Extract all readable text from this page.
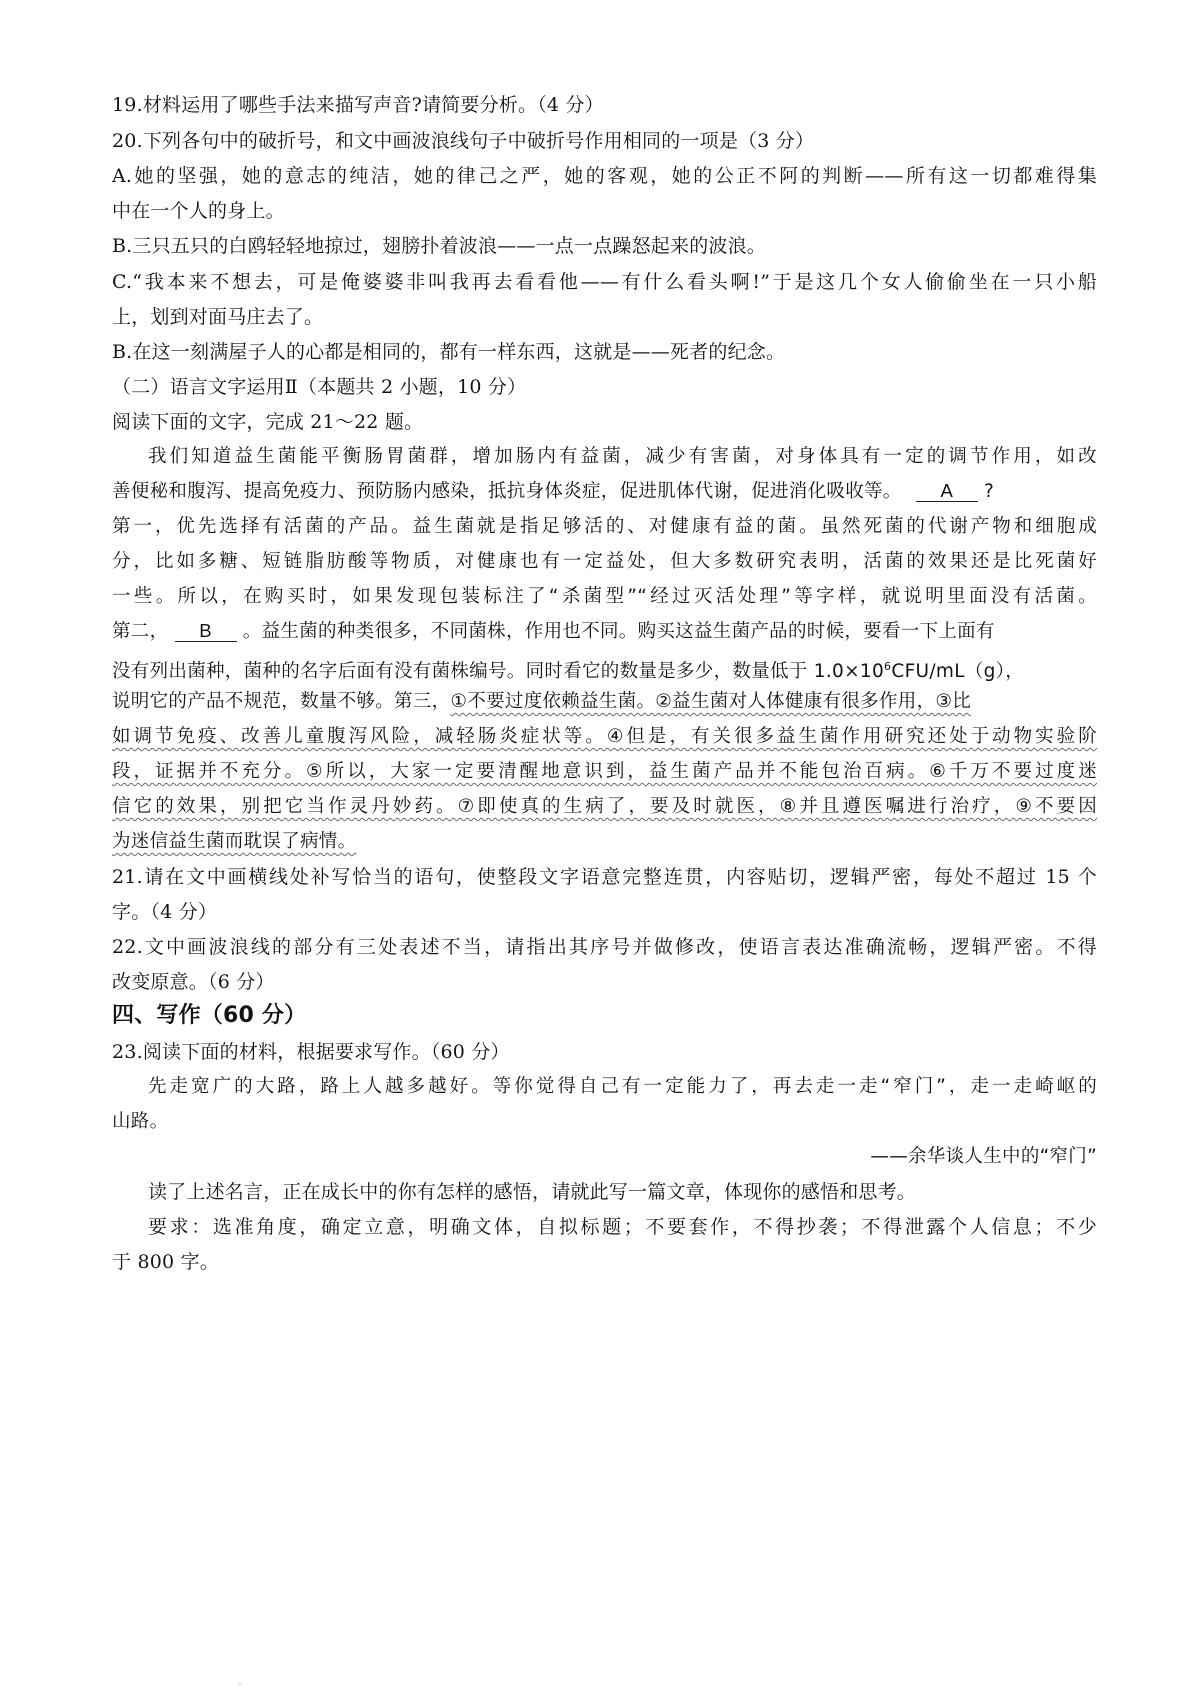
19.材料运用了哪些手法来描写声音?请简要分析。（4 分）
20.下列各句中的破折号，和文中画波浪线句子中破折号作用相同的一项是（3 分）
A.她的坚强，她的意志的纯洁，她的律己之严，她的客观，她的公正不阿的判断——所有这一切都难得集
中在一个人的身上。
B.三只五只的白鸥轻轻地掠过，翅膀扑着波浪——一点一点躁怒起来的波浪。
C.“我本来不想去，可是俺婆婆非叫我再去看看他——有什么看头啊!”于是这几个女人偷偷坐在一只小船
上，划到对面马庄去了。
B.在这一刻满屋子人的心都是相同的，都有一样东西，这就是——死者的纪念。
（二）语言文字运用Ⅱ（本题共 2 小题，10 分）
阅读下面的文字，完成 21～22 题。
我们知道益生菌能平衡肠胃菌群，增加肠内有益菌，减少有害菌，对身体具有一定的调节作用，如改
善便秘和腹泻、提高免疫力、预防肠内感染，抵抗身体炎症，促进肌体代谢，促进消化吸收等。 A ?
第一，优先选择有活菌的产品。益生菌就是指足够活的、对健康有益的菌。虽然死菌的代谢产物和细胞成
分，比如多糖、短链脂肪酸等物质，对健康也有一定益处，但大多数研究表明，活菌的效果还是比死菌好
一些。所以，在购买时，如果发现包装标注了“杀菌型”“经过灭活处理”等字样，就说明里面没有活菌。
第二， B 。益生菌的种类很多，不同菌株，作用也不同。购买这益生菌产品的时候，要看一下上面有
没有列出菌种，菌种的名字后面有没有菌株编号。同时看它的数量是多少，数量低于 $1.0\times 10^6CFU/mL(g)$，
说明它的产品不规范，数量不够。第三，①不要过度依赖益生菌。②益生菌对人体健康有很多作用，③比
如调节免疫、改善儿童腹泻风险，减轻肠炎症状等。④但是，有关很多益生菌作用研究还处于动物实验阶
段，证据并不充分。⑤所以，大家一定要清醒地意识到，益生菌产品并不能包治百病。⑥千万不要过度迷
信它的效果，别把它当作灵丹妙药。⑦即使真的生病了，要及时就医，⑧并且遵医嘱进行治疗，⑨不要因
为迷信益生菌而耽误了病情。
21.请在文中画横线处补写恰当的语句，使整段文字语意完整连贯，内容贴切，逻辑严密，每处不超过 15 个
字。（4 分）
22.文中画波浪线的部分有三处表述不当，请指出其序号并做修改，使语言表达准确流畅，逻辑严密。不得
改变原意。（6 分）
四、写作（60 分）
23.阅读下面的材料，根据要求写作。（60 分）
先走宽广的大路，路上人越多越好。等你觉得自己有一定能力了，再去走一走“窄门”，走一走崎岖的
山路。
——余华谈人生中的“窄门”
读了上述名言，正在成长中的你有怎样的感悟，请就此写一篇文章，体现你的感悟和思考。
要求：选准角度，确定立意，明确文体，自拟标题；不要套作，不得抄袭；不得泄露个人信息；不少
于 800 字。
。
